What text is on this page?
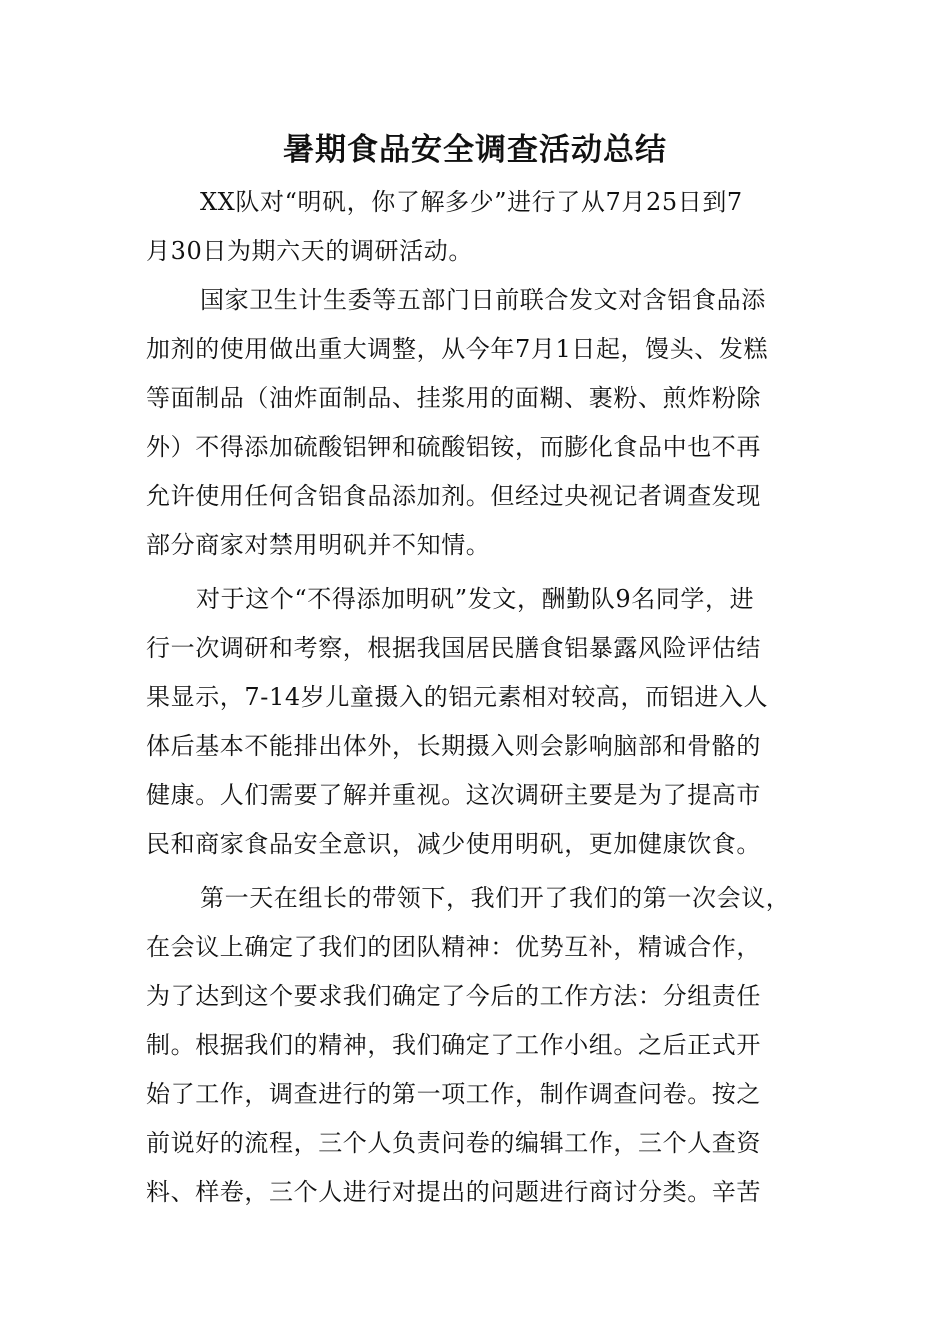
暑期食品安全调查活动总结
XX队对“明矾，你了解多少”进行了从7月25日到7
月30日为期六天的调研活动。
国家卫生计生委等五部门日前联合发文对含铝食品添
加剂的使用做出重大调整，从今年7月1日起，馒头、发糕
等面制品（油炸面制品、挂浆用的面糊、裹粉、煎炸粉除
外）不得添加硫酸铝钾和硫酸铝铵，而膨化食品中也不再
允许使用任何含铝食品添加剂。但经过央视记者调查发现
部分商家对禁用明矾并不知情。
对于这个“不得添加明矾”发文，酬勤队9名同学，进
行一次调研和考察，根据我国居民膳食铝暴露风险评估结
果显示，7-14岁儿童摄入的铝元素相对较高，而铝进入人
体后基本不能排出体外，长期摄入则会影响脑部和骨骼的
健康。人们需要了解并重视。这次调研主要是为了提高市
民和商家食品安全意识，减少使用明矾，更加健康饮食。
第一天在组长的带领下，我们开了我们的第一次会议，
在会议上确定了我们的团队精神：优势互补，精诚合作，
为了达到这个要求我们确定了今后的工作方法：分组责任
制。根据我们的精神，我们确定了工作小组。之后正式开
始了工作，调查进行的第一项工作，制作调查问卷。按之
前说好的流程，三个人负责问卷的编辑工作，三个人查资
料、样卷，三个人进行对提出的问题进行商讨分类。辛苦
